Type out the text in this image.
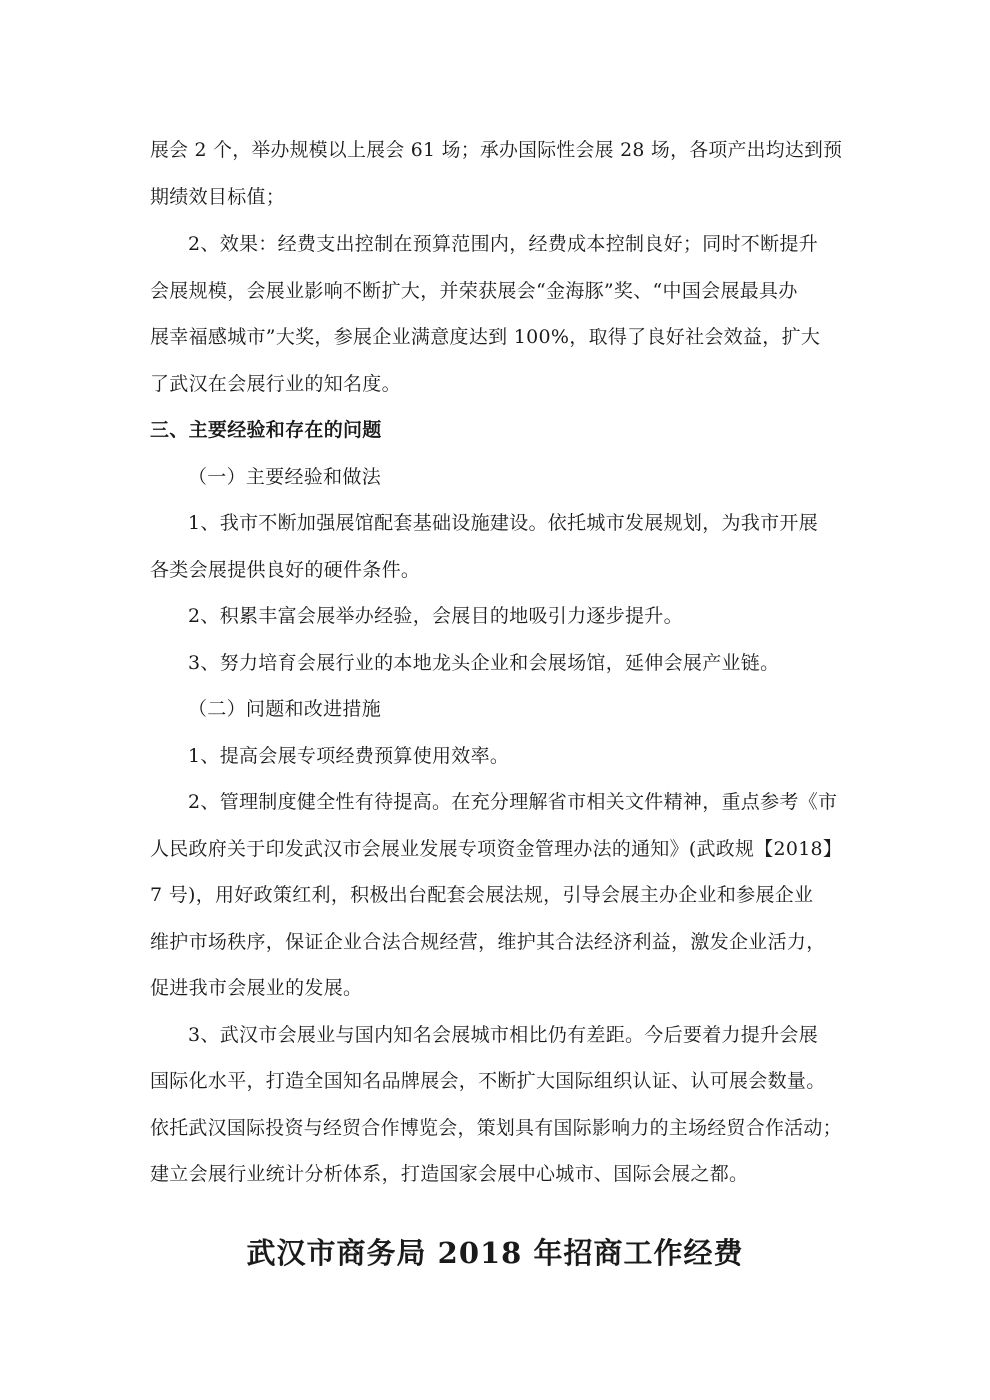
展会 2 个，举办规模以上展会 61 场；承办国际性会展 28 场，各项产出均达到预
期绩效目标值；
2、效果：经费支出控制在预算范围内，经费成本控制良好；同时不断提升
会展规模，会展业影响不断扩大，并荣获展会“金海豚”奖、“中国会展最具办
展幸福感城市”大奖，参展企业满意度达到 100%，取得了良好社会效益，扩大
了武汉在会展行业的知名度。
三、主要经验和存在的问题
（一）主要经验和做法
1、我市不断加强展馆配套基础设施建设。依托城市发展规划，为我市开展
各类会展提供良好的硬件条件。
2、积累丰富会展举办经验，会展目的地吸引力逐步提升。
3、努力培育会展行业的本地龙头企业和会展场馆，延伸会展产业链。
（二）问题和改进措施
1、提高会展专项经费预算使用效率。
2、管理制度健全性有待提高。在充分理解省市相关文件精神，重点参考《市
人民政府关于印发武汉市会展业发展专项资金管理办法的通知》(武政规【2018】
7 号)，用好政策红利，积极出台配套会展法规，引导会展主办企业和参展企业
维护市场秩序，保证企业合法合规经营，维护其合法经济利益，激发企业活力，
促进我市会展业的发展。
3、武汉市会展业与国内知名会展城市相比仍有差距。今后要着力提升会展
国际化水平，打造全国知名品牌展会，不断扩大国际组织认证、认可展会数量。
依托武汉国际投资与经贸合作博览会，策划具有国际影响力的主场经贸合作活动；
建立会展行业统计分析体系，打造国家会展中心城市、国际会展之都。
武汉市商务局 2018 年招商工作经费
